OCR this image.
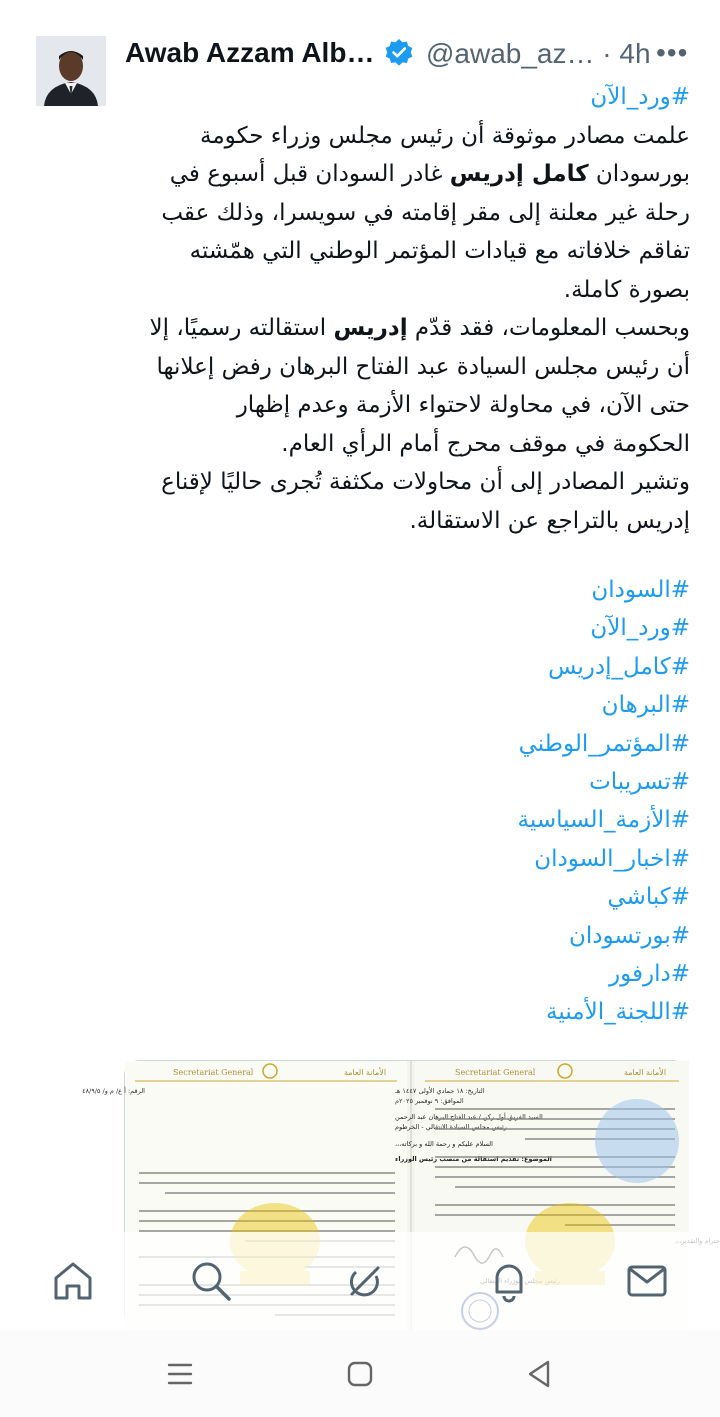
Awab Azzam Alb… @awab_az… · 4h •••

#ورد_الآن

علمت مصادر موثوقة أن رئيس مجلس وزراء حكومة

بورسودان كامل إدريس غادر السودان قبل أسبوع في

رحلة غير معلنة إلى مقر إقامته في سويسرا، وذلك عقب

تفاقم خلافاته مع قيادات المؤتمر الوطني التي همّشته

بصورة كاملة.

وبحسب المعلومات، فقد قدّم إدريس استقالته رسميًا، إلا

أن رئيس مجلس السيادة عبد الفتاح البرهان رفض إعلانها

حتى الآن، في محاولة لاحتواء الأزمة وعدم إظهار

الحكومة في موقف محرج أمام الرأي العام.

وتشير المصادر إلى أن محاولات مكثفة تُجرى حاليًا لإقناع

إدريس بالتراجع عن الاستقالة.

#السودان
#ورد_الآن
#كامل_إدريس
#البرهان
#المؤتمر_الوطني
#تسريبات
#الأزمة_السياسية
#اخبار_السودان
#كباشي
#بورتسودان
#دارفور
#اللجنة_الأمنية
Secretariat General	الأمانة العامة
التاريخ: ١٨ جمادي الأولى ١٤٤٧ هـ
الرقم: أ ع/ م و/ ٤٨/٩/٥
الموافق: ٩ نوفمبر ٢٠٢٥م
السيد الفريق أول ركن / عبد الفتاح البرهان عبد الرحمن
رئيس مجلس السيادة الانتقالي - الخرطوم
السلام عليكم و رحمة الله و بركاته،،،
الموضوع: تقديم استقالة من منصب رئيس الوزراء
Secretariat General	الأمانة العامة
